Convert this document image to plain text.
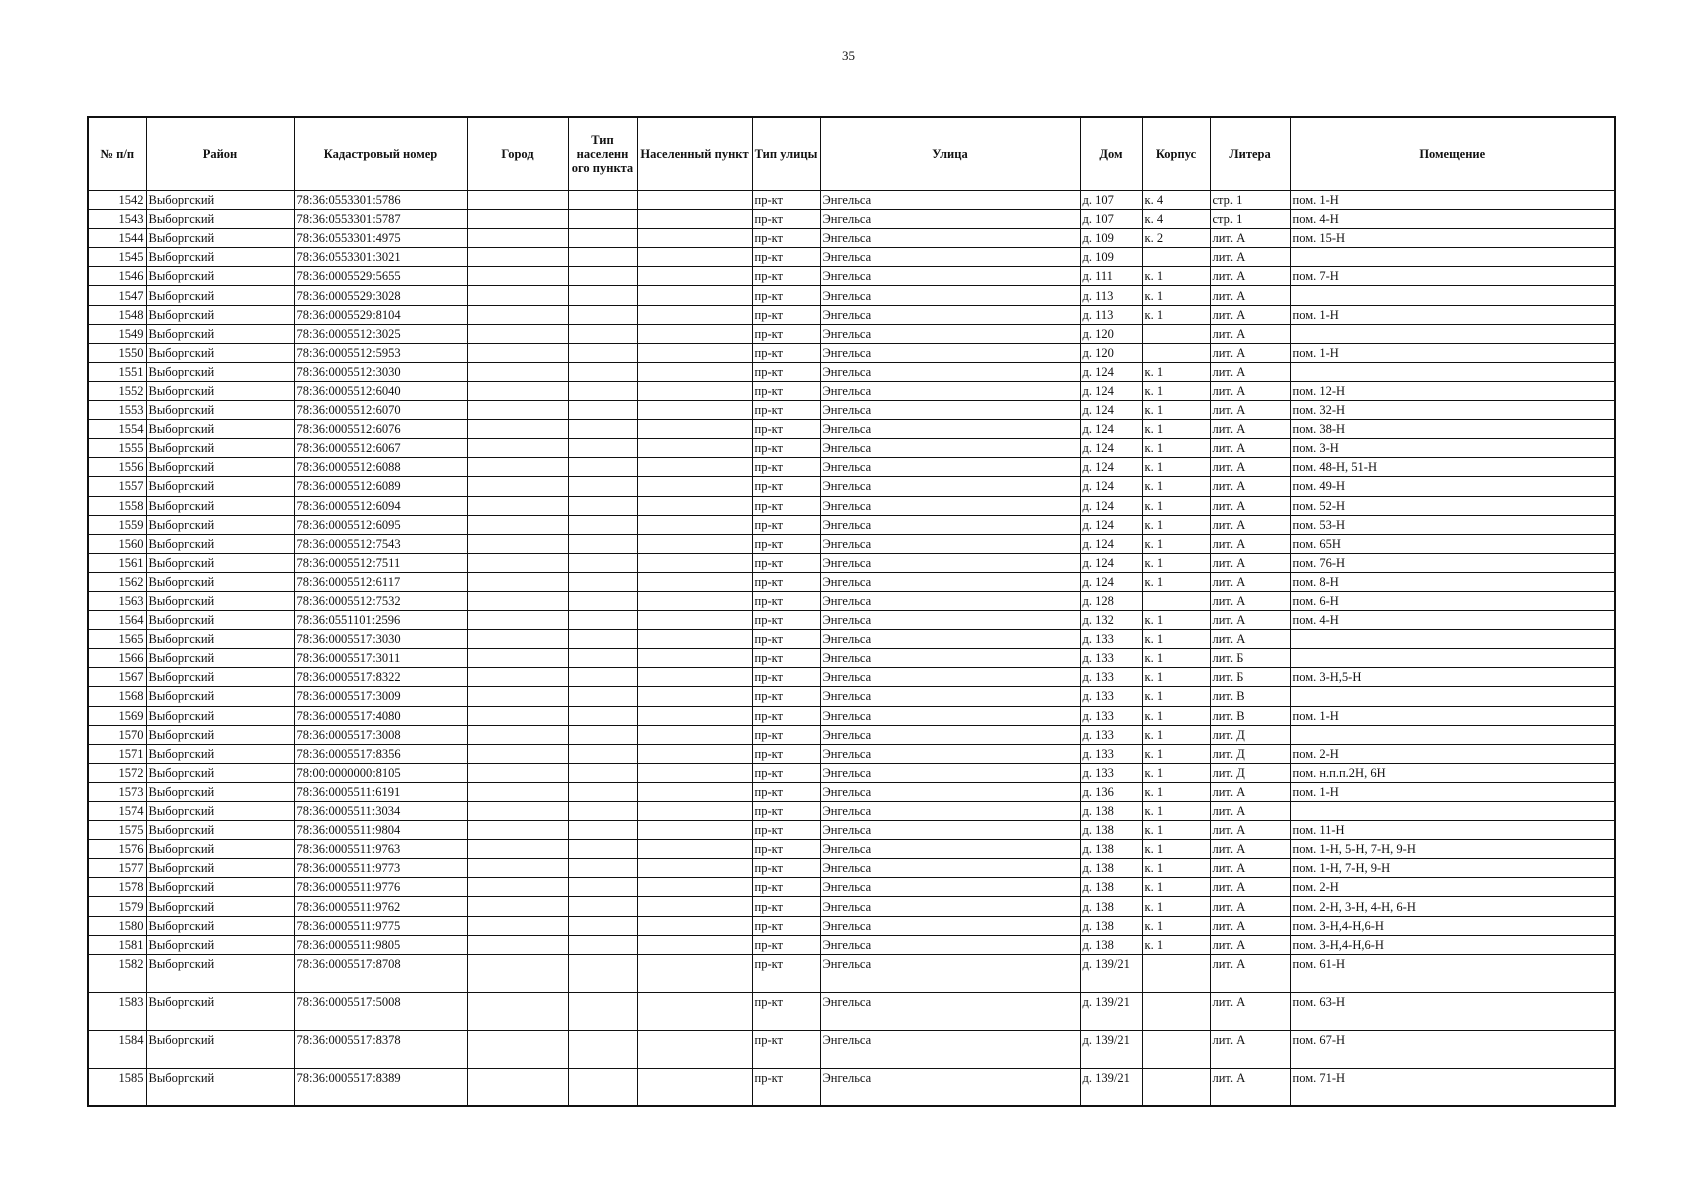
35
№ п/п	Район	Кадастровый номер	Город	Тип населенн ого пункта	Населенный пункт	Тип улицы	Улица	Дом	Корпус	Литера	Помещение
1542	Выборгский	78:36:0553301:5786				пр-кт	Энгельса	д. 107	к. 4	стр. 1	пом. 1-Н
1543	Выборгский	78:36:0553301:5787				пр-кт	Энгельса	д. 107	к. 4	стр. 1	пом. 4-Н
1544	Выборгский	78:36:0553301:4975				пр-кт	Энгельса	д. 109	к. 2	лит. А	пом. 15-Н
1545	Выборгский	78:36:0553301:3021				пр-кт	Энгельса	д. 109		лит. А	
1546	Выборгский	78:36:0005529:5655				пр-кт	Энгельса	д. 111	к. 1	лит. А	пом. 7-Н
1547	Выборгский	78:36:0005529:3028				пр-кт	Энгельса	д. 113	к. 1	лит. А	
1548	Выборгский	78:36:0005529:8104				пр-кт	Энгельса	д. 113	к. 1	лит. А	пом. 1-Н
1549	Выборгский	78:36:0005512:3025				пр-кт	Энгельса	д. 120		лит. А	
1550	Выборгский	78:36:0005512:5953				пр-кт	Энгельса	д. 120		лит. А	пом. 1-Н
1551	Выборгский	78:36:0005512:3030				пр-кт	Энгельса	д. 124	к. 1	лит. А	
1552	Выборгский	78:36:0005512:6040				пр-кт	Энгельса	д. 124	к. 1	лит. А	пом. 12-Н
1553	Выборгский	78:36:0005512:6070				пр-кт	Энгельса	д. 124	к. 1	лит. А	пом. 32-Н
1554	Выборгский	78:36:0005512:6076				пр-кт	Энгельса	д. 124	к. 1	лит. А	пом. 38-Н
1555	Выборгский	78:36:0005512:6067				пр-кт	Энгельса	д. 124	к. 1	лит. А	пом. 3-Н
1556	Выборгский	78:36:0005512:6088				пр-кт	Энгельса	д. 124	к. 1	лит. А	пом. 48-Н, 51-Н
1557	Выборгский	78:36:0005512:6089				пр-кт	Энгельса	д. 124	к. 1	лит. А	пом. 49-Н
1558	Выборгский	78:36:0005512:6094				пр-кт	Энгельса	д. 124	к. 1	лит. А	пом. 52-Н
1559	Выборгский	78:36:0005512:6095				пр-кт	Энгельса	д. 124	к. 1	лит. А	пом. 53-Н
1560	Выборгский	78:36:0005512:7543				пр-кт	Энгельса	д. 124	к. 1	лит. А	пом. 65Н
1561	Выборгский	78:36:0005512:7511				пр-кт	Энгельса	д. 124	к. 1	лит. А	пом. 76-Н
1562	Выборгский	78:36:0005512:6117				пр-кт	Энгельса	д. 124	к. 1	лит. А	пом. 8-Н
1563	Выборгский	78:36:0005512:7532				пр-кт	Энгельса	д. 128		лит. А	пом. 6-Н
1564	Выборгский	78:36:0551101:2596				пр-кт	Энгельса	д. 132	к. 1	лит. А	пом. 4-Н
1565	Выборгский	78:36:0005517:3030				пр-кт	Энгельса	д. 133	к. 1	лит. А	
1566	Выборгский	78:36:0005517:3011				пр-кт	Энгельса	д. 133	к. 1	лит. Б	
1567	Выборгский	78:36:0005517:8322				пр-кт	Энгельса	д. 133	к. 1	лит. Б	пом. 3-Н,5-Н
1568	Выборгский	78:36:0005517:3009				пр-кт	Энгельса	д. 133	к. 1	лит. В	
1569	Выборгский	78:36:0005517:4080				пр-кт	Энгельса	д. 133	к. 1	лит. В	пом. 1-Н
1570	Выборгский	78:36:0005517:3008				пр-кт	Энгельса	д. 133	к. 1	лит. Д	
1571	Выборгский	78:36:0005517:8356				пр-кт	Энгельса	д. 133	к. 1	лит. Д	пом. 2-Н
1572	Выборгский	78:00:0000000:8105				пр-кт	Энгельса	д. 133	к. 1	лит. Д	пом. н.п.п.2Н, 6Н
1573	Выборгский	78:36:0005511:6191				пр-кт	Энгельса	д. 136	к. 1	лит. А	пом. 1-Н
1574	Выборгский	78:36:0005511:3034				пр-кт	Энгельса	д. 138	к. 1	лит. А	
1575	Выборгский	78:36:0005511:9804				пр-кт	Энгельса	д. 138	к. 1	лит. А	пом. 11-Н
1576	Выборгский	78:36:0005511:9763				пр-кт	Энгельса	д. 138	к. 1	лит. А	пом. 1-Н, 5-Н, 7-Н, 9-Н
1577	Выборгский	78:36:0005511:9773				пр-кт	Энгельса	д. 138	к. 1	лит. А	пом. 1-Н, 7-Н, 9-Н
1578	Выборгский	78:36:0005511:9776				пр-кт	Энгельса	д. 138	к. 1	лит. А	пом. 2-Н
1579	Выборгский	78:36:0005511:9762				пр-кт	Энгельса	д. 138	к. 1	лит. А	пом. 2-Н, 3-Н, 4-Н, 6-Н
1580	Выборгский	78:36:0005511:9775				пр-кт	Энгельса	д. 138	к. 1	лит. А	пом. 3-Н,4-Н,6-Н
1581	Выборгский	78:36:0005511:9805				пр-кт	Энгельса	д. 138	к. 1	лит. А	пом. 3-Н,4-Н,6-Н
1582	Выборгский	78:36:0005517:8708				пр-кт	Энгельса	д. 139/21		лит. А	пом. 61-Н
1583	Выборгский	78:36:0005517:5008				пр-кт	Энгельса	д. 139/21		лит. А	пом. 63-Н
1584	Выборгский	78:36:0005517:8378				пр-кт	Энгельса	д. 139/21		лит. А	пом. 67-Н
1585	Выборгский	78:36:0005517:8389				пр-кт	Энгельса	д. 139/21		лит. А	пом. 71-Н
